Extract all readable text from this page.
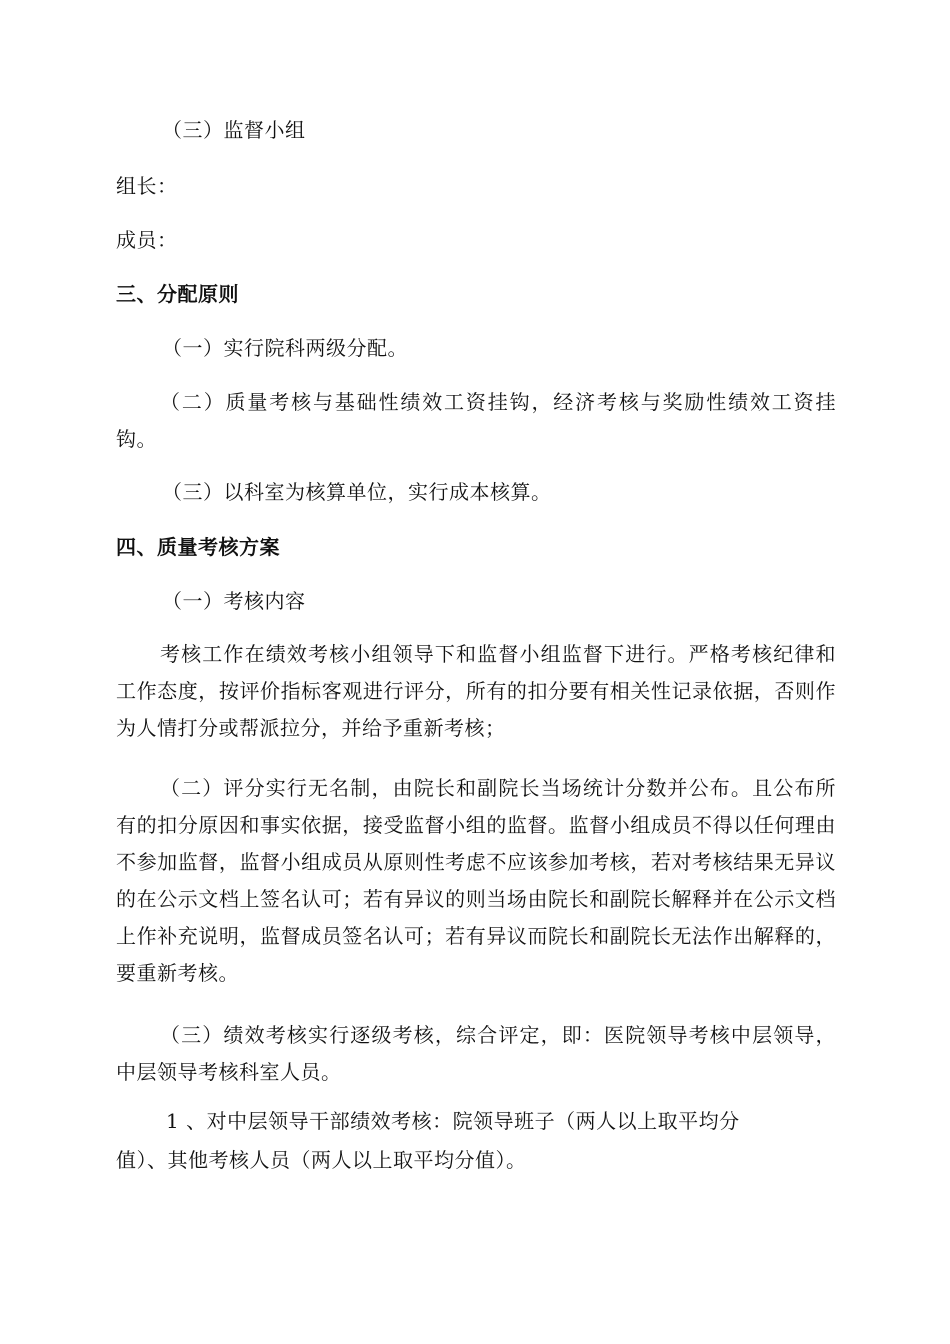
（三）监督小组
组长：
成员：
三、分配原则
（一）实行院科两级分配。
（二）质量考核与基础性绩效工资挂钩，经济考核与奖励性绩效工资挂钩。
（三）以科室为核算单位，实行成本核算。
四、质量考核方案
（一）考核内容
考核工作在绩效考核小组领导下和监督小组监督下进行。严格考核纪律和工作态度，按评价指标客观进行评分，所有的扣分要有相关性记录依据，否则作为人情打分或帮派拉分，并给予重新考核；
（二）评分实行无名制，由院长和副院长当场统计分数并公布。且公布所有的扣分原因和事实依据，接受监督小组的监督。监督小组成员不得以任何理由不参加监督，监督小组成员从原则性考虑不应该参加考核，若对考核结果无异议的在公示文档上签名认可；若有异议的则当场由院长和副院长解释并在公示文档上作补充说明，监督成员签名认可；若有异议而院长和副院长无法作出解释的，要重新考核。
（三）绩效考核实行逐级考核，综合评定，即：医院领导考核中层领导，中层领导考核科室人员。
1 、对中层领导干部绩效考核：院领导班子（两人以上取平均分
值）、其他考核人员（两人以上取平均分值）。
